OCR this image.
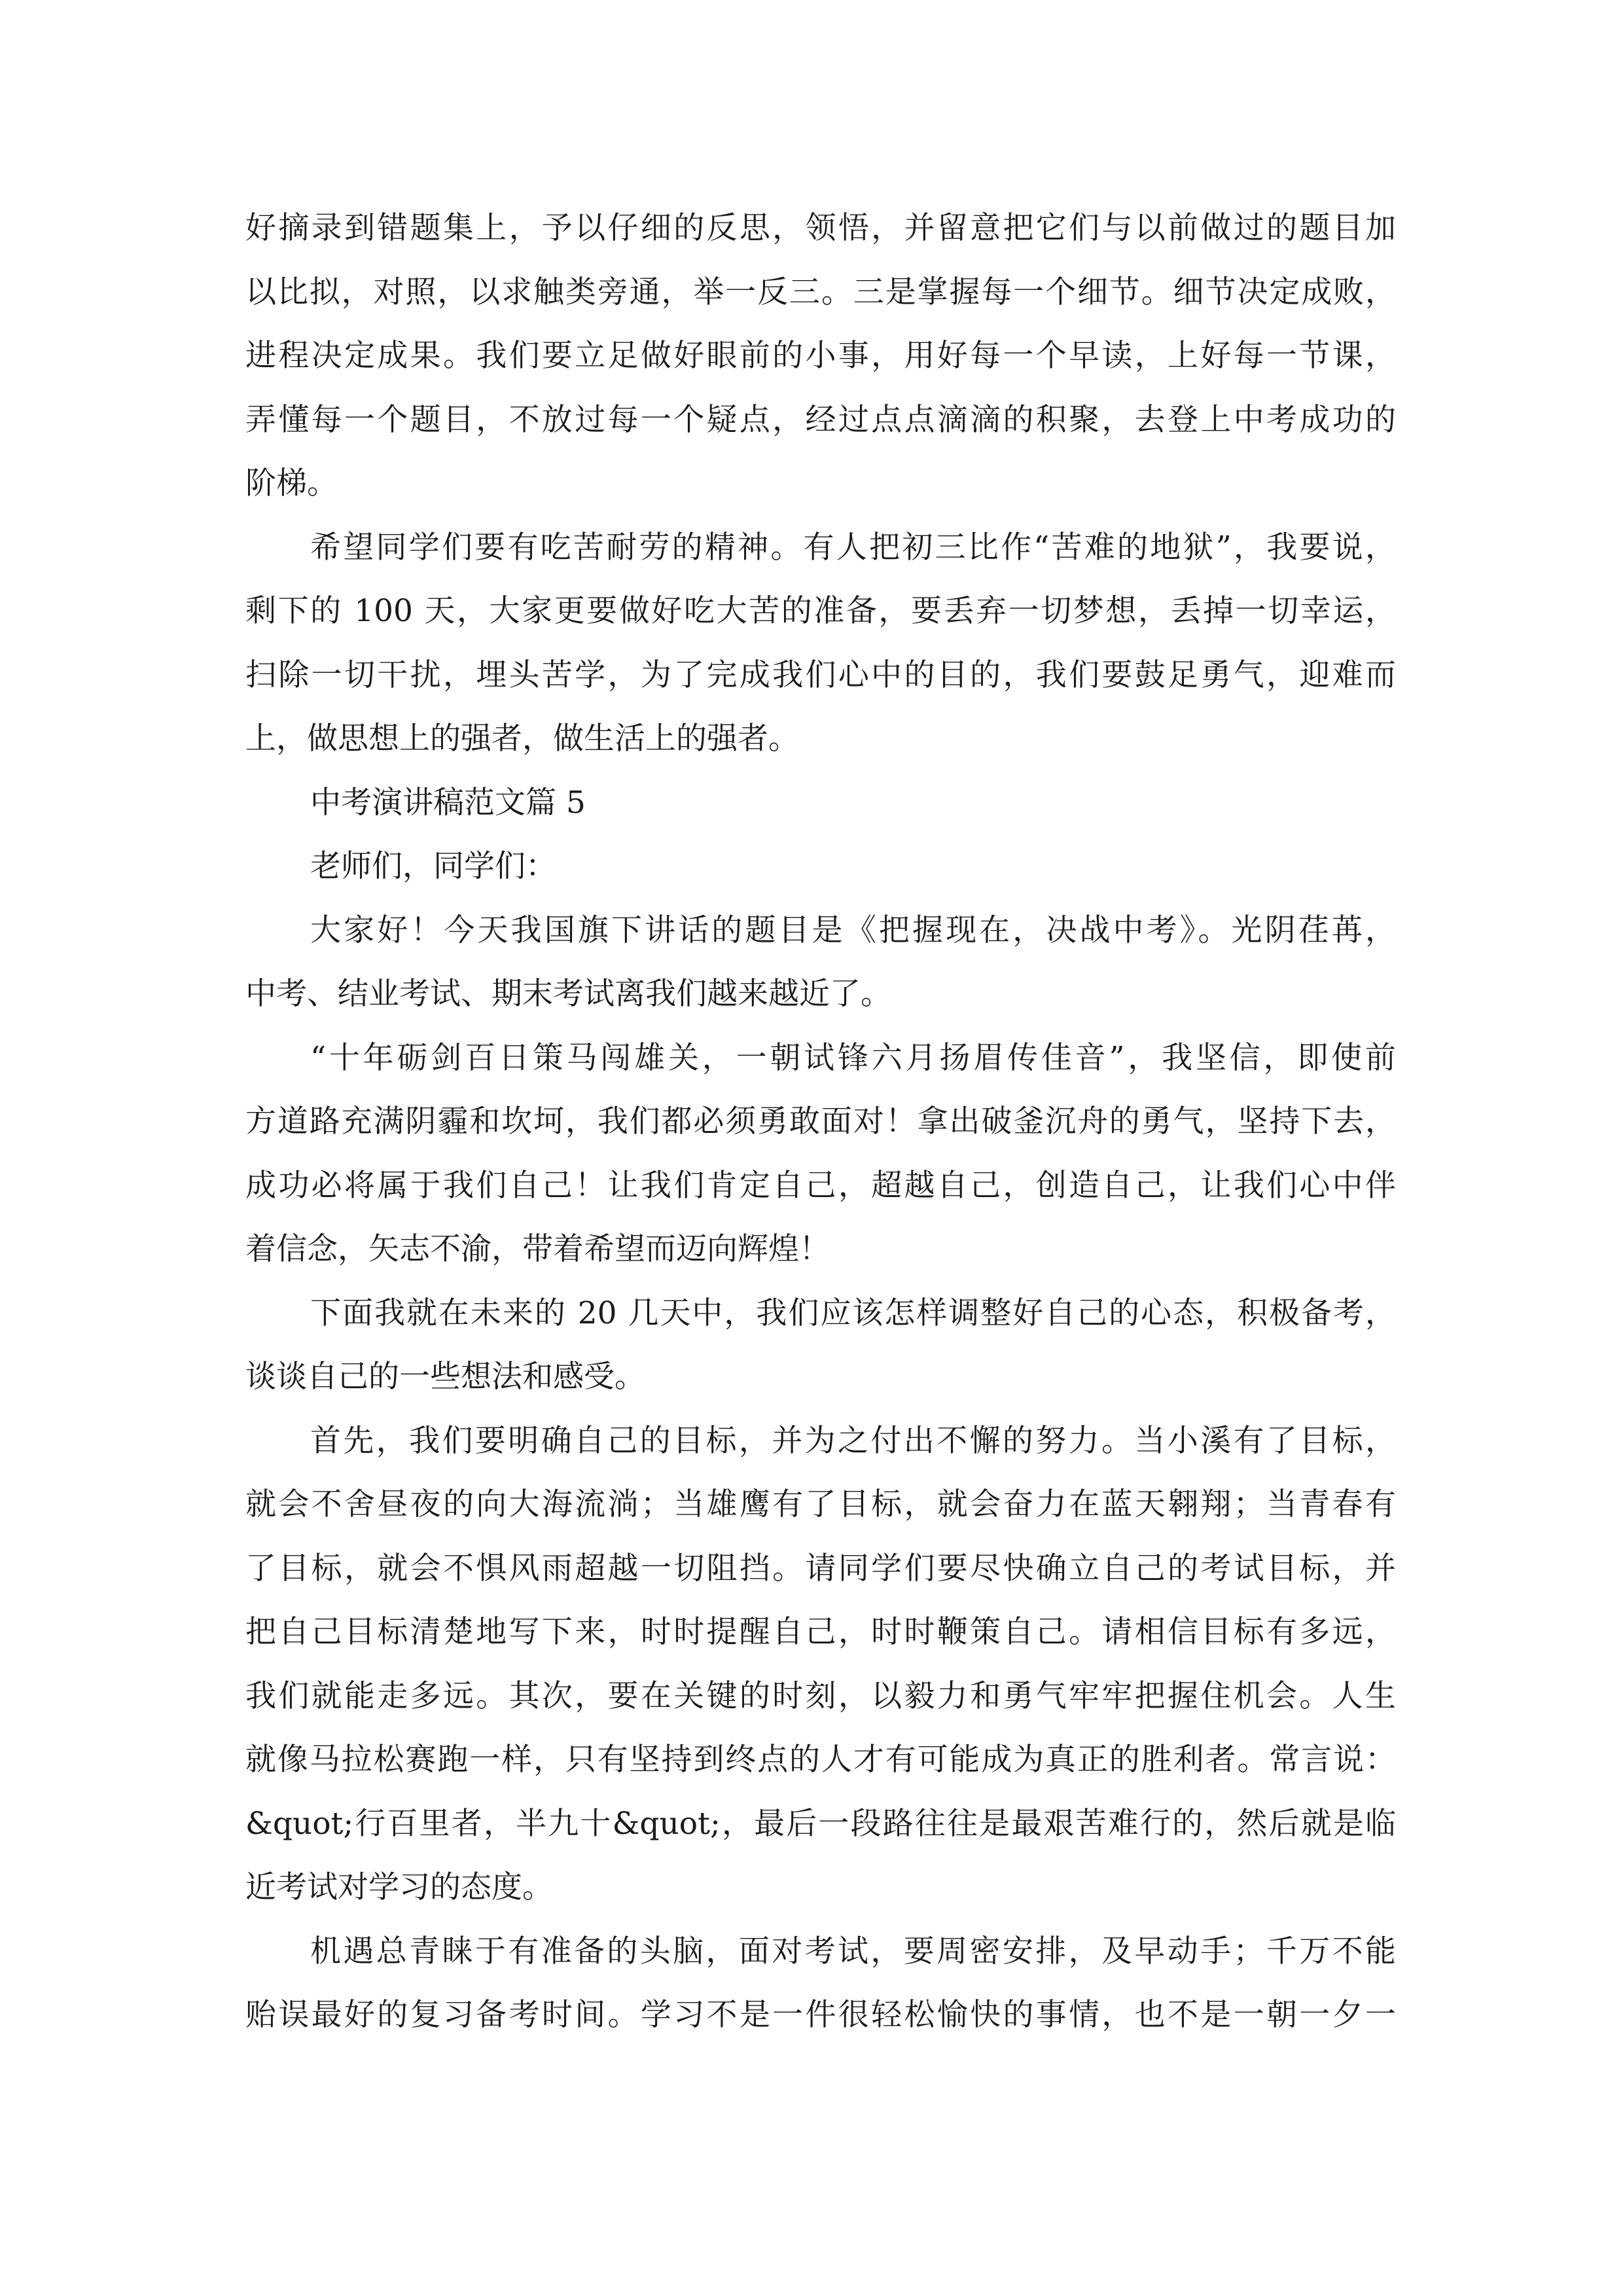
好摘录到错题集上，予以仔细的反思，领悟，并留意把它们与以前做过的题目加
以比拟，对照，以求触类旁通，举一反三。三是掌握每一个细节。细节决定成败，
进程决定成果。我们要立足做好眼前的小事，用好每一个早读，上好每一节课，
弄懂每一个题目，不放过每一个疑点，经过点点滴滴的积聚，去登上中考成功的
阶梯。
希望同学们要有吃苦耐劳的精神。有人把初三比作“苦难的地狱”，我要说，
剩下的 100 天，大家更要做好吃大苦的准备，要丢弃一切梦想，丢掉一切幸运，
扫除一切干扰，埋头苦学，为了完成我们心中的目的，我们要鼓足勇气，迎难而
上，做思想上的强者，做生活上的强者。
中考演讲稿范文篇 5
老师们，同学们：
大家好！今天我国旗下讲话的题目是《把握现在，决战中考》。光阴荏苒，
中考、结业考试、期末考试离我们越来越近了。
“十年砺剑百日策马闯雄关，一朝试锋六月扬眉传佳音”，我坚信，即使前
方道路充满阴霾和坎坷，我们都必须勇敢面对！拿出破釜沉舟的勇气，坚持下去，
成功必将属于我们自己！让我们肯定自己，超越自己，创造自己，让我们心中伴
着信念，矢志不渝，带着希望而迈向辉煌！
下面我就在未来的 20 几天中，我们应该怎样调整好自己的心态，积极备考，
谈谈自己的一些想法和感受。
首先，我们要明确自己的目标，并为之付出不懈的努力。当小溪有了目标，
就会不舍昼夜的向大海流淌；当雄鹰有了目标，就会奋力在蓝天翱翔；当青春有
了目标，就会不惧风雨超越一切阻挡。请同学们要尽快确立自己的考试目标，并
把自己目标清楚地写下来，时时提醒自己，时时鞭策自己。请相信目标有多远，
我们就能走多远。其次，要在关键的时刻，以毅力和勇气牢牢把握住机会。人生
就像马拉松赛跑一样，只有坚持到终点的人才有可能成为真正的胜利者。常言说：
&quot;行百里者，半九十&quot;，最后一段路往往是最艰苦难行的，然后就是临
近考试对学习的态度。
机遇总青睐于有准备的头脑，面对考试，要周密安排，及早动手；千万不能
贻误最好的复习备考时间。学习不是一件很轻松愉快的事情，也不是一朝一夕一
